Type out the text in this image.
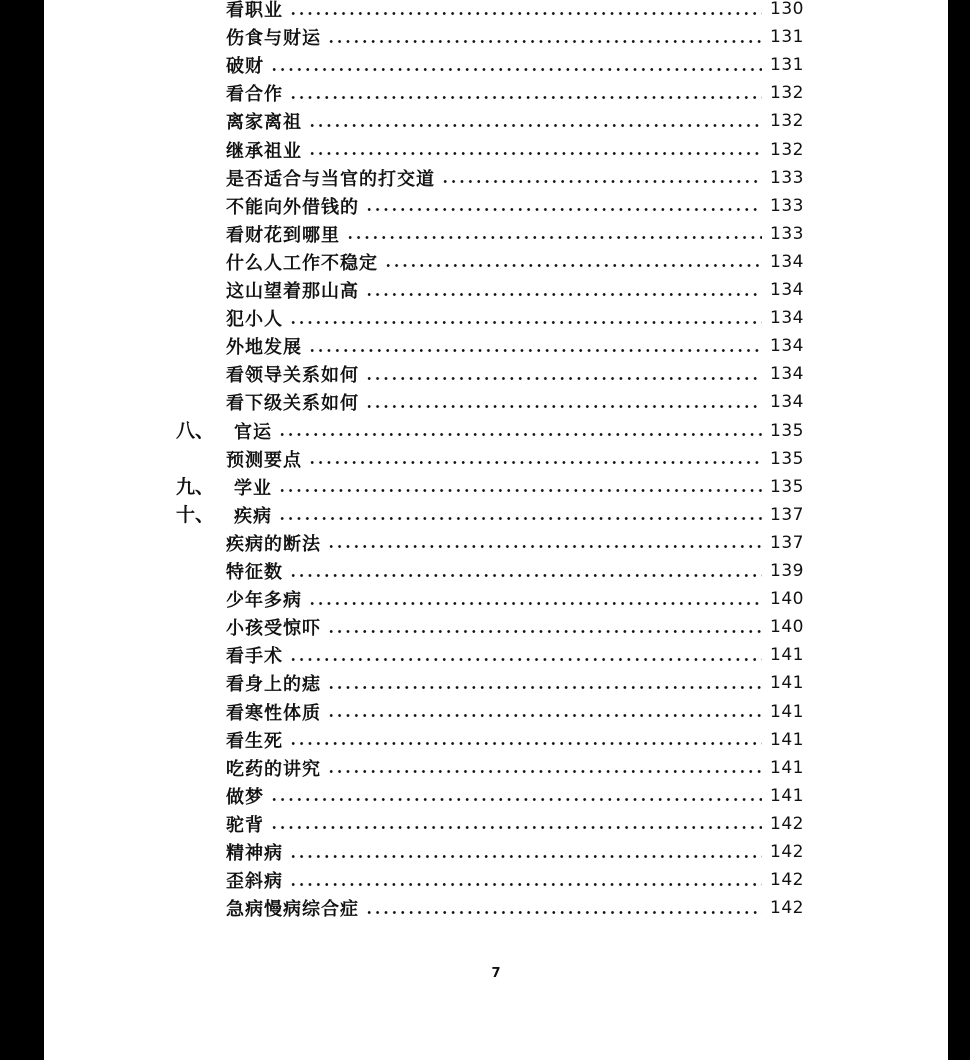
看职业	130
伤食与财运	131
破财	131
看合作	132
离家离祖	132
继承祖业	132
是否适合与当官的打交道	133
不能向外借钱的	133
看财花到哪里	133
什么人工作不稳定	134
这山望着那山高	134
犯小人	134
外地发展	134
看领导关系如何	134
看下级关系如何	134
八、 官运	135
预测要点	135
九、 学业	135
十、 疾病	137
疾病的断法	137
特征数	139
少年多病	140
小孩受惊吓	140
看手术	141
看身上的痣	141
看寒性体质	141
看生死	141
吃药的讲究	141
做梦	141
驼背	142
精神病	142
歪斜病	142
急病慢病综合症	142
7
